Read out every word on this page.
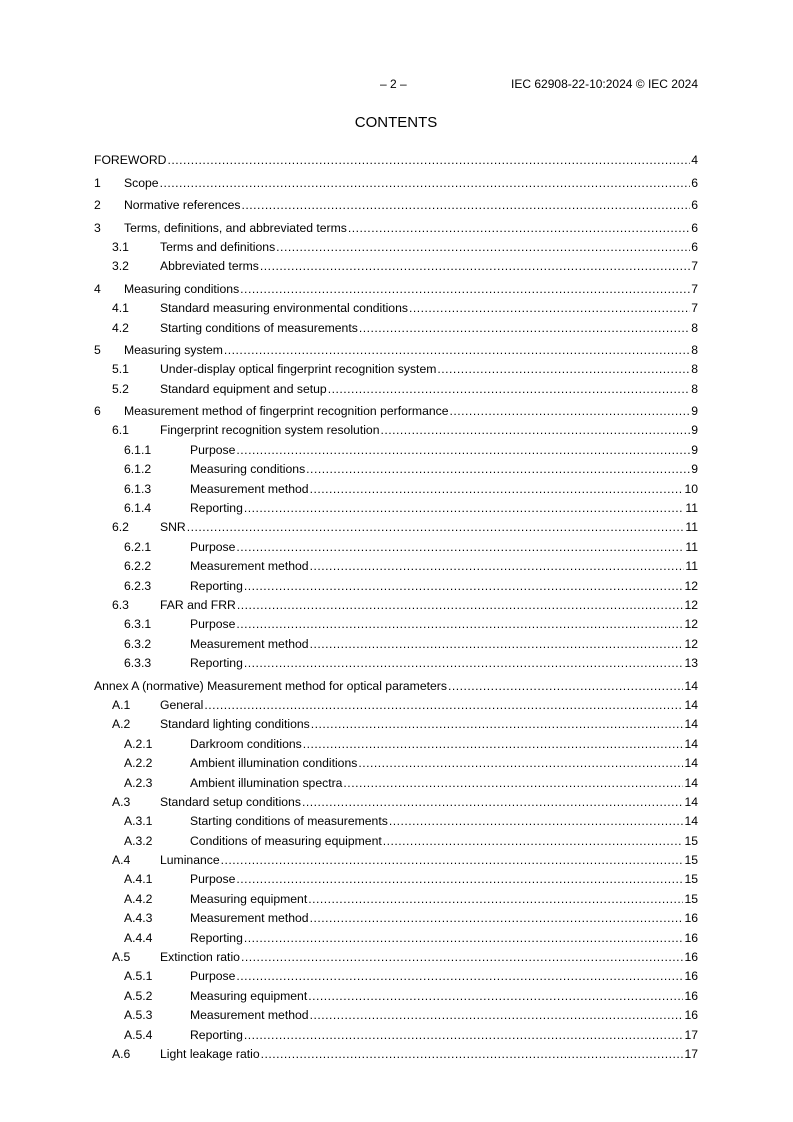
– 2 –	IEC 62908-22-10:2024 © IEC 2024
CONTENTS
FOREWORD .....	4
1	Scope .....	6
2	Normative references .....	6
3	Terms, definitions, and abbreviated terms .....	6
3.1	Terms and definitions .....	6
3.2	Abbreviated terms .....	7
4	Measuring conditions .....	7
4.1	Standard measuring environmental conditions .....	7
4.2	Starting conditions of measurements .....	8
5	Measuring system .....	8
5.1	Under-display optical fingerprint recognition system .....	8
5.2	Standard equipment and setup .....	8
6	Measurement method of fingerprint recognition performance .....	9
6.1	Fingerprint recognition system resolution .....	9
6.1.1	Purpose .....	9
6.1.2	Measuring conditions .....	9
6.1.3	Measurement method .....	10
6.1.4	Reporting .....	11
6.2	SNR .....	11
6.2.1	Purpose .....	11
6.2.2	Measurement method .....	11
6.2.3	Reporting .....	12
6.3	FAR and FRR .....	12
6.3.1	Purpose .....	12
6.3.2	Measurement method .....	12
6.3.3	Reporting .....	13
Annex A (normative) Measurement method for optical parameters .....	14
A.1	General .....	14
A.2	Standard lighting conditions .....	14
A.2.1	Darkroom conditions .....	14
A.2.2	Ambient illumination conditions .....	14
A.2.3	Ambient illumination spectra .....	14
A.3	Standard setup conditions .....	14
A.3.1	Starting conditions of measurements .....	14
A.3.2	Conditions of measuring equipment .....	15
A.4	Luminance .....	15
A.4.1	Purpose .....	15
A.4.2	Measuring equipment .....	15
A.4.3	Measurement method .....	16
A.4.4	Reporting .....	16
A.5	Extinction ratio .....	16
A.5.1	Purpose .....	16
A.5.2	Measuring equipment .....	16
A.5.3	Measurement method .....	16
A.5.4	Reporting .....	17
A.6	Light leakage ratio .....	17
